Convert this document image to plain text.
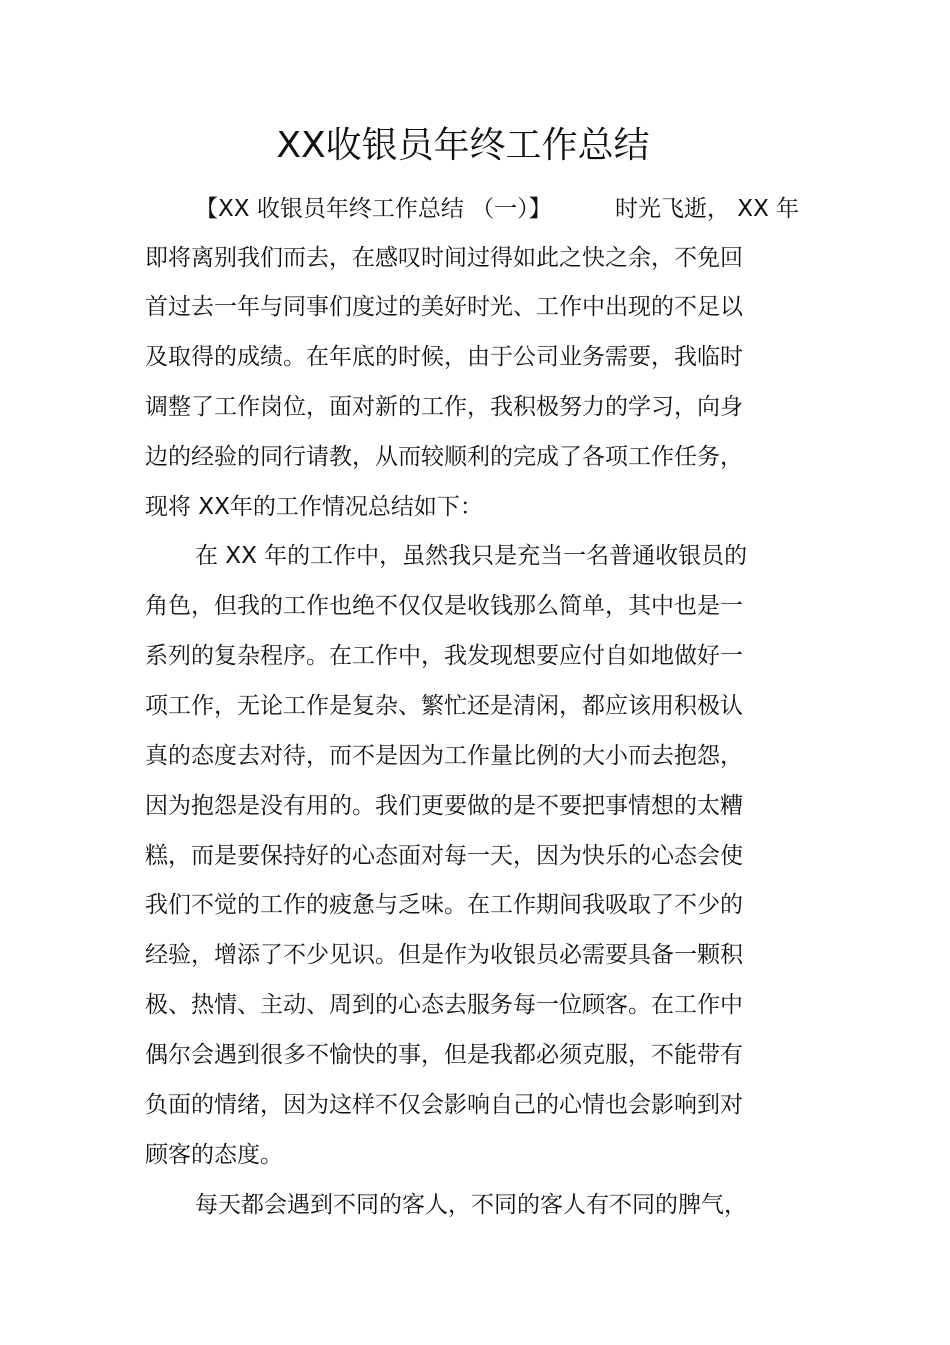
XX收银员年终工作总结
【XX 收银员年终工作总结 （一）】	时光飞逝， XX 年
即将离别我们而去，在感叹时间过得如此之快之余，不免回
首过去一年与同事们度过的美好时光、工作中出现的不足以
及取得的成绩。在年底的时候，由于公司业务需要，我临时
调整了工作岗位，面对新的工作，我积极努力的学习，向身
边的经验的同行请教，从而较顺利的完成了各项工作任务，
现将 XX年的工作情况总结如下：
在 XX 年的工作中，虽然我只是充当一名普通收银员的
角色，但我的工作也绝不仅仅是收钱那么简单，其中也是一
系列的复杂程序。在工作中，我发现想要应付自如地做好一
项工作，无论工作是复杂、繁忙还是清闲，都应该用积极认
真的态度去对待，而不是因为工作量比例的大小而去抱怨，
因为抱怨是没有用的。我们更要做的是不要把事情想的太糟
糕，而是要保持好的心态面对每一天，因为快乐的心态会使
我们不觉的工作的疲惫与乏味。在工作期间我吸取了不少的
经验，增添了不少见识。但是作为收银员必需要具备一颗积
极、热情、主动、周到的心态去服务每一位顾客。在工作中
偶尔会遇到很多不愉快的事，但是我都必须克服，不能带有
负面的情绪，因为这样不仅会影响自己的心情也会影响到对
顾客的态度。
每天都会遇到不同的客人，不同的客人有不同的脾气，
